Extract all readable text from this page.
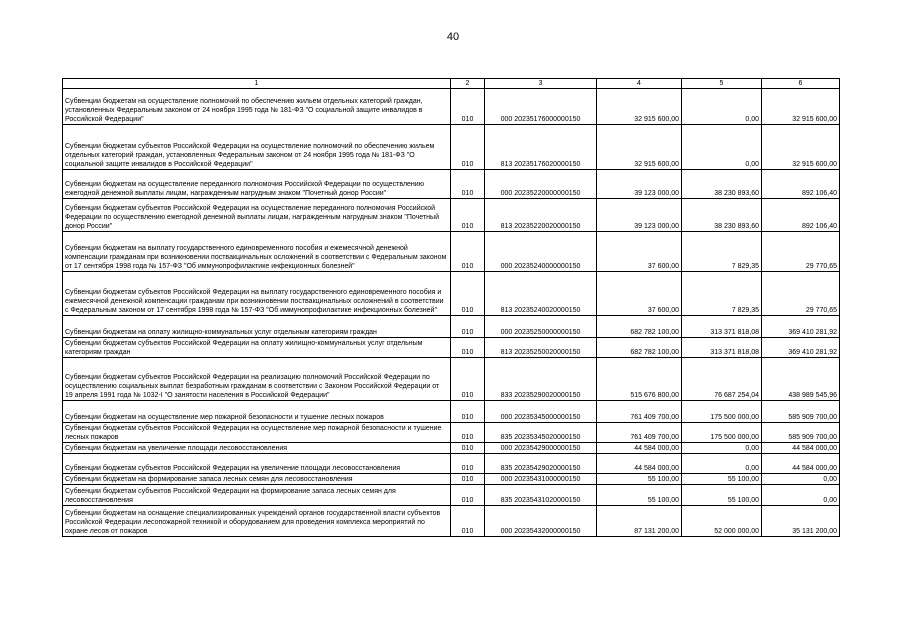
40
1	2	3	4	5	6
Субвенции бюджетам на осуществление полномочий по обеспечению жильем отдельных категорий граждан, установленных Федеральным законом от 24 ноября 1995 года № 181-ФЗ "О социальной защите инвалидов в Российской Федерации"	010	000 20235176000000150	32 915 600,00	0,00	32 915 600,00
Субвенции бюджетам субъектов Российской Федерации на осуществление полномочий по обеспечению жильем отдельных категорий граждан, установленных Федеральным законом от 24 ноября 1995 года № 181-ФЗ "О социальной защите инвалидов в Российской Федерации"	010	813 20235176020000150	32 915 600,00	0,00	32 915 600,00
Субвенции бюджетам на осуществление переданного полномочия Российской Федерации по осуществлению ежегодной денежной выплаты лицам, награжденным нагрудным знаком "Почетный донор России"	010	000 20235220000000150	39 123 000,00	38 230 893,60	892 106,40
Субвенции бюджетам субъектов Российской Федерации на осуществление переданного полномочия Российской Федерации по осуществлению ежегодной денежной выплаты лицам, награжденным нагрудным знаком "Почетный донор России"	010	813 20235220020000150	39 123 000,00	38 230 893,60	892 106,40
Субвенции бюджетам на выплату государственного единовременного пособия и ежемесячной денежной компенсации гражданам при возникновении поствакцинальных осложнений в соответствии с Федеральным законом от 17 сентября 1998 года № 157-ФЗ "Об иммунопрофилактике инфекционных болезней"	010	000 20235240000000150	37 600,00	7 829,35	29 770,65
Субвенции бюджетам субъектов Российской Федерации на выплату государственного единовременного пособия и ежемесячной денежной компенсации гражданам при возникновении поствакцинальных осложнений в соответствии с Федеральным законом от 17 сентября 1998 года № 157-ФЗ "Об иммунопрофилактике инфекционных болезней"	010	813 20235240020000150	37 600,00	7 829,35	29 770,65
Субвенции бюджетам на оплату жилищно-коммунальных услуг отдельным категориям граждан	010	000 20235250000000150	682 782 100,00	313 371 818,08	369 410 281,92
Субвенции бюджетам субъектов Российской Федерации на оплату жилищно-коммунальных услуг отдельным категориям граждан	010	813 20235250020000150	682 782 100,00	313 371 818,08	369 410 281,92
Субвенции бюджетам субъектов Российской Федерации на реализацию полномочий Российской Федерации по осуществлению социальных выплат безработным гражданам в соответствии с Законом Российской Федерации от 19 апреля 1991 года № 1032-I "О занятости населения в Российской Федерации"	010	833 20235290020000150	515 676 800,00	76 687 254,04	438 989 545,96
Субвенции бюджетам на осуществление мер пожарной безопасности и тушение лесных пожаров	010	000 20235345000000150	761 409 700,00	175 500 000,00	585 909 700,00
Субвенции бюджетам субъектов Российской Федерации на осуществление мер пожарной безопасности и тушение лесных пожаров	010	835 20235345020000150	761 409 700,00	175 500 000,00	585 909 700,00
Субвенции бюджетам на увеличение площади лесовосстановления	010	000 20235429000000150	44 584 000,00	0,00	44 584 000,00
Субвенции бюджетам субъектов Российской Федерации на увеличение площади лесовосстановления	010	835 20235429020000150	44 584 000,00	0,00	44 584 000,00
Субвенции бюджетам на формирование запаса лесных семян для лесовосстановления	010	000 20235431000000150	55 100,00	55 100,00	0,00
Субвенции бюджетам субъектов Российской Федерации на формирование запаса лесных семян для лесовосстановления	010	835 20235431020000150	55 100,00	55 100,00	0,00
Субвенции бюджетам на оснащение специализированных учреждений органов государственной власти субъектов Российской Федерации лесопожарной техникой и оборудованием для проведения комплекса мероприятий по охране лесов от пожаров	010	000 20235432000000150	87 131 200,00	52 000 000,00	35 131 200,00
